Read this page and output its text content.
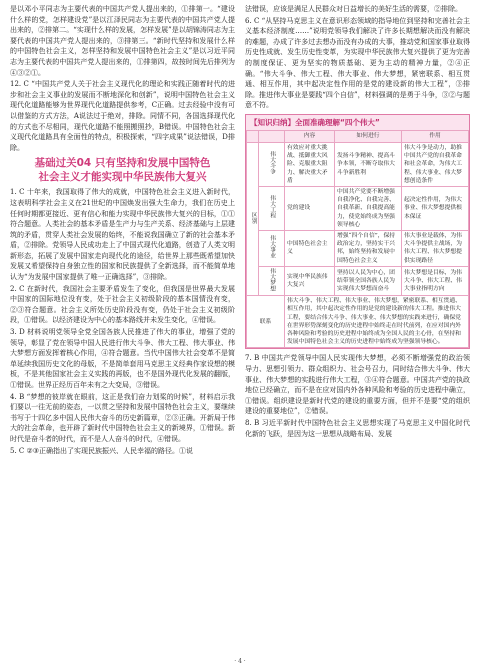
是以邓小平同志为主要代表的中国共产党人提出来的，①排第一。“建设什么样的党，怎样建设党”是以江泽民同志为主要代表的中国共产党人提出来的，②排第二。“实现什么样的发展，怎样发展”是以胡锦涛同志为主要代表的中国共产党人提出来的，③排第三。“新时代坚持和发展什么样的中国特色社会主义，怎样坚持和发展中国特色社会主义”是以习近平同志为主要代表的中国共产党人提出来的，①排第四，故按时间先后排列为④③②①。

12. C “中国共产党人关于社会主义现代化的理论和实践正随着时代的进步和社会主义事业的发展而不断地深化和创新”，说明中国特色社会主义现代化道路能够为世界现代化道路提供参考，C正确。过去经验中没有可以借鉴的方式方法，A说法过于绝对，排除。同情不同，各国选择现代化的方式也不尽相同，现代化道路不能照搬照抄，B错误。中国特色社会主义现代化道路具有全面性的特点，积极探索，“四字成果”说法错误，D排除。

基础过关04 只有坚持和发展中国特色
社会主义才能实现中华民族伟大复兴

1. C 十年来，我国取得了伟大的成就，中国特色社会主义进入新时代，这表明科学社会主义在21世纪的中国焕发出强大生命力，我们在历史上任何时期都更接近、更有信心和能力实现中华民族伟大复兴的目标，①①符合题意。人类社会的基本矛盾是生产力与生产关系、经济基础与上层建筑的矛盾，贯穿人类社会发展的始终，不能说我国确立了新的社会基本矛盾，②排除。党领导人民成功走上了中国式现代化道路，创造了人类文明新形态，拓展了发展中国家走向现代化的途径，给世界上那些既希望加快发展又希望保持自身独立性的国家和民族提供了全新选择，而不能简单地认为“为发展中国家提供了唯一正确选择”，③排除。

2. C 在新时代，我国社会主要矛盾发生了变化，但我国是世界最大发展中国家的国际地位没有变，处于社会主义初级阶段的基本国情没有变，②③符合题意。社会主义所处历史阶段没有变，仍处于社会主义初级阶段，①错误。以经济建设为中心的基本路线并未发生变化，④错误。

3. D 材料说明党领导全党全国各族人民推进了伟大的事业，增强了党的领导，彰显了党在领导中国人民进行伟大斗争、伟大工程、伟大事业、伟大梦想方面发挥着核心作用，④符合题意。当代中国伟大社会变革不是简单延续我国历史文化的母版，不是简单套用马克思主义经典作家设想的模板，不是其他国家社会主义实践的再版，也不是国外现代化发展的翻版，①错误。世界正经历百年未有之大变局，③错误。

4. B “梦想的彼岸就在眼前，这正是我们奋力划桨的时候”，材料启示我们要以一往无前的姿态，一以贯之坚持和发展中国特色社会主义，要继续书写于十四亿多中国人民伟大奋斗的历史新篇章，②③正确。开新局于伟大的社会革命，也开辟了新时代中国特色社会主义的新境界，①错误。新时代是奋斗者的时代，而不是人人奋斗的时代，④错误。

5. C ②③正确指出了实现民族振兴、人民幸福的路径。①说

法错误，应该是满足人民群众对日益增长的美好生活的需要，②排除。

6. C “从坚持马克思主义在意识形态领域的指导地位到坚持和完善社会主义基本经济制度……”说明党领导我们解决了许多长期想解决而没有解决的难题，办成了许多过去想办而没有办成的大事，推动党和国家事业取得历史性成就、发生历史性变革，为实现中华民族伟大复兴提供了更为完善的制度保证、更为坚实的物质基础、更为主动的精神力量，②④正确。“伟大斗争、伟大工程、伟大事业、伟大梦想，紧密联系、相互贯通、相互作用，其中起决定性作用的是党的建设新的伟大工程”，③排除。推进伟大事业是要践“四个自信”，材料强调的是勇于斗争，③②与题意不符。

【知识归纳】全面准确理解“四个伟大”
		内容	如何进行	作用
区别	伟大斗争	有效应对重大挑战、抵御重大风险、克服重大阻力、解决重大矛盾	发扬斗争精神、提高斗争本领，不断夺取伟大斗争新胜利	伟大斗争是动力，助推中国共产党的自我革命和社会革命，为伟大工程、伟大事业、伟大梦想创造条件
	伟大工程	党的建设	中国共产党要不断增强自我净化、自我完善、自我革新、自我提高能力，使党始终成为坚强领导核心	起决定性作用，为伟大事业、伟大梦想提供根本保证
	伟大事业	中国特色社会主义	增强“四个自信”，保持政治定力，坚持实干兴邦，始终坚持和发展中国特色社会主义	伟大事业是载体，为伟大斗争提供主战场，为伟大工程、伟大梦想提供实现路径
	伟大梦想	实现中华民族伟大复兴	坚持以人民为中心，团结带领全国各族人民为实现伟大梦想而奋斗	伟大梦想是目标，为伟大斗争、伟大工程、伟大事业指明方向
联系		伟大斗争、伟大工程、伟大事业、伟大梦想，紧密联系、相互贯通、相互作用，其中起决定性作用的是党的建设新的伟大工程。推进伟大工程，要结合伟大斗争、伟大事业、伟大梦想的实践来进行，确保党在世界形势深刻变化的历史进程中始终走在时代前列，在应对国内外各种风险和考验的历史进程中始终成为全国人民的主心骨，在坚持和发展中国特色社会主义的历史进程中始终成为坚强领导核心。		

7. B 中国共产党领导中国人民实现伟大梦想，必须不断增强党的政治领导力、思想引领力、群众组织力、社会号召力，同时结合伟大斗争、伟大事业、伟大梦想的实践进行伟大工程，③④符合题意。中国共产党的执政地位已经确立，而不是在应对国内外各种风险和考验的历史进程中确立，①错误。组织建设是新时代党的建设的重要方面，但并不是要“党的组织建设的重要地位”，②错误。

8. B 习近平新时代中国特色社会主义思想实现了马克思主义中国化时代化新的飞跃，是因为这一思想从战略布局、发展

· 4 ·
